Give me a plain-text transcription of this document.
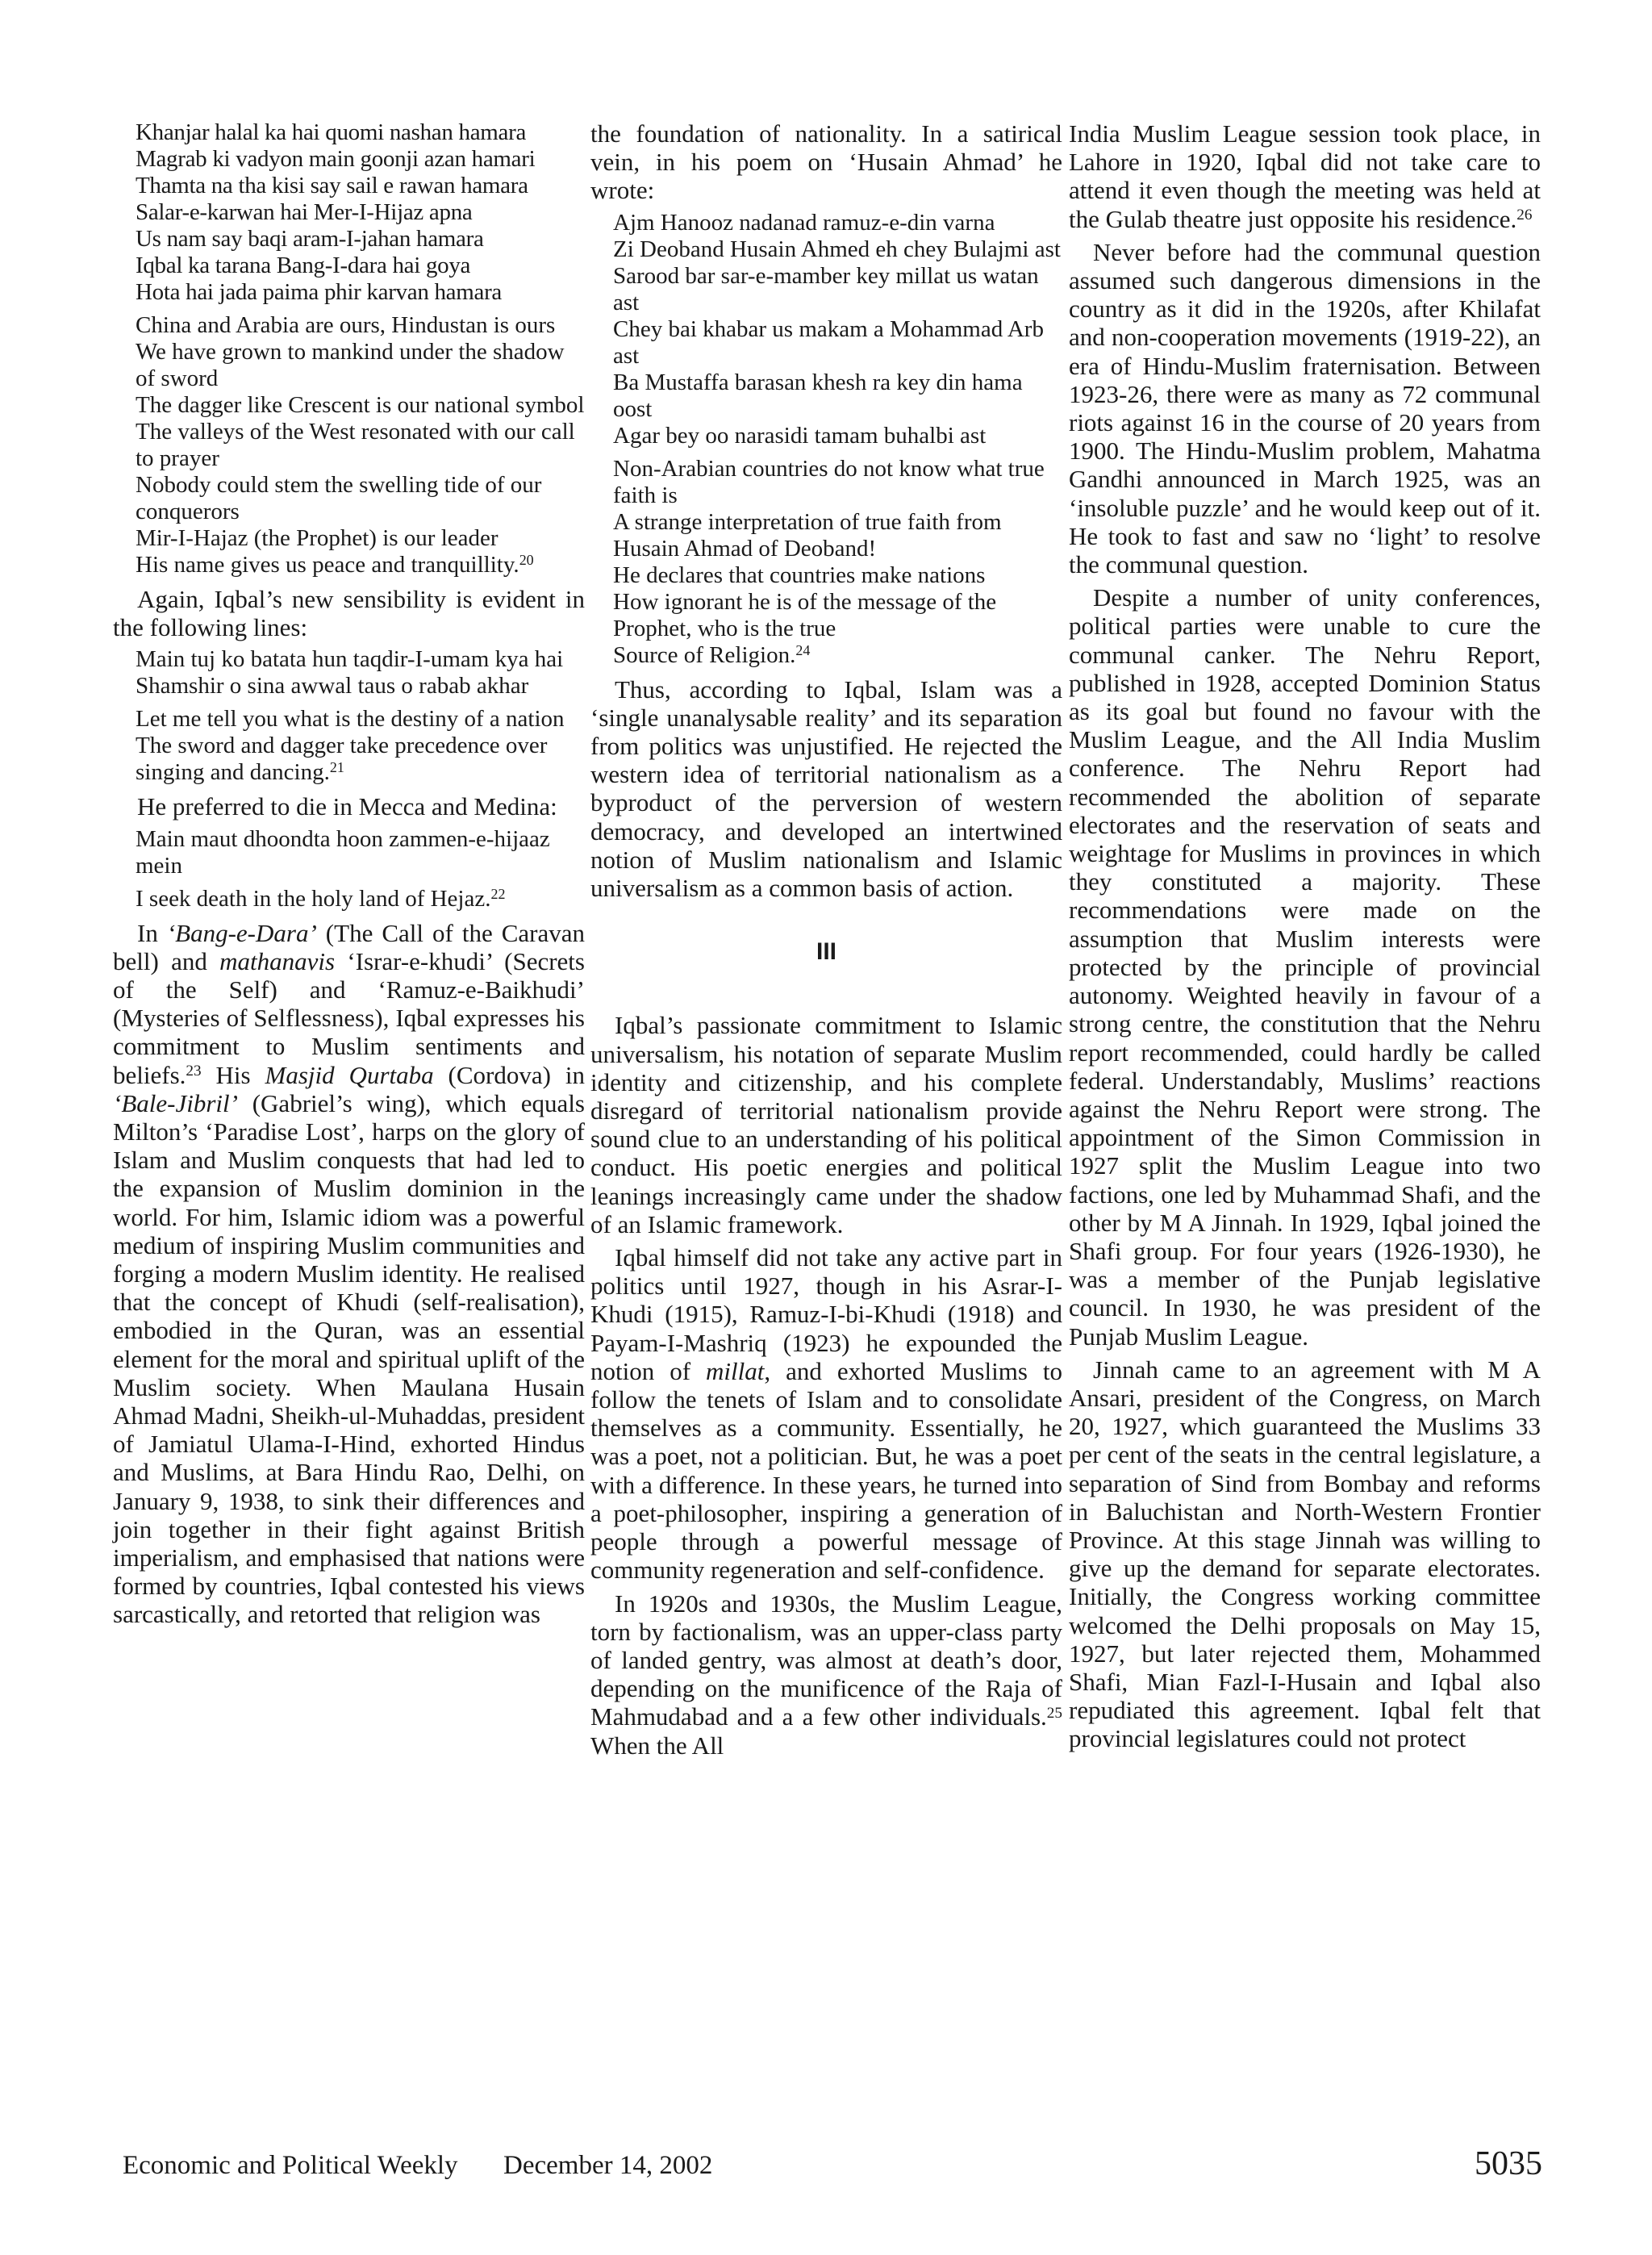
Khanjar halal ka hai quomi nashan hamara
Magrab ki vadyon main goonji azan hamari
Thamta na tha kisi say sail e rawan hamara
Salar-e-karwan hai Mer-I-Hijaz apna
Us nam say baqi aram-I-jahan hamara
Iqbal ka tarana Bang-I-dara hai goya
Hota hai jada paima phir karvan hamara
China and Arabia are ours, Hindustan is ours
We have grown to mankind under the shadow of sword
The dagger like Crescent is our national symbol
The valleys of the West resonated with our call to prayer
Nobody could stem the swelling tide of our conquerors
Mir-I-Hajaz (the Prophet) is our leader
His name gives us peace and tranquillity.$^{20}$

Again, Iqbal’s new sensibility is evident in the following lines:

Main tuj ko batata hun taqdir-I-umam kya hai
Shamshir o sina awwal taus o rabab akhar
Let me tell you what is the destiny of a nation
The sword and dagger take precedence over singing and dancing.$^{21}$

He preferred to die in Mecca and Medina:

Main maut dhoondta hoon zammen-e-hijaaz mein
I seek death in the holy land of Hejaz.$^{22}$

In ‘Bang-e-Dara’ (The Call of the Caravan bell) and mathanavis ‘Israr-e-khudi’ (Secrets of the Self) and ‘Ramuz-e-Baikhudi’ (Mysteries of Selflessness), Iqbal expresses his commitment to Muslim sentiments and beliefs.$^{23}$ His Masjid Qurtaba (Cordova) in ‘Bale-Jibril’ (Gabriel’s wing), which equals Milton’s ‘Paradise Lost’, harps on the glory of Islam and Muslim conquests that had led to the expansion of Muslim dominion in the world. For him, Islamic idiom was a powerful medium of inspiring Muslim communities and forging a modern Muslim identity. He realised that the concept of Khudi (self-realisation), embodied in the Quran, was an essential element for the moral and spiritual uplift of the Muslim society. When Maulana Husain Ahmad Madni, Sheikh-ul-Muhaddas, president of Jamiatul Ulama-I-Hind, exhorted Hindus and Muslims, at Bara Hindu Rao, Delhi, on January 9, 1938, to sink their differences and join together in their fight against British imperialism, and emphasised that nations were formed by countries, Iqbal contested his views sarcastically, and retorted that religion was

the foundation of nationality. In a satirical vein, in his poem on ‘Husain Ahmad’ he wrote:

Ajm Hanooz nadanad ramuz-e-din varna
Zi Deoband Husain Ahmed eh chey Bulajmi ast
Sarood bar sar-e-mamber key millat us watan ast
Chey bai khabar us makam a Mohammad Arb ast
Ba Mustaffa barasan khesh ra key din hama oost
Agar bey oo narasidi tamam buhalbi ast
Non-Arabian countries do not know what true faith is
A strange interpretation of true faith from Husain Ahmad of Deoband!
He declares that countries make nations
How ignorant he is of the message of the Prophet, who is the true
Source of Religion.$^{24}$

Thus, according to Iqbal, Islam was a ‘single unanalysable reality’ and its separation from politics was unjustified. He rejected the western idea of territorial nationalism as a byproduct of the perversion of western democracy, and developed an intertwined notion of Muslim nationalism and Islamic universalism as a common basis of action.

III

Iqbal’s passionate commitment to Islamic universalism, his notation of separate Muslim identity and citizenship, and his complete disregard of territorial nationalism provide sound clue to an understanding of his political conduct. His poetic energies and political leanings increasingly came under the shadow of an Islamic framework.

Iqbal himself did not take any active part in politics until 1927, though in his Asrar-I-Khudi (1915), Ramuz-I-bi-Khudi (1918) and Payam-I-Mashriq (1923) he expounded the notion of millat, and exhorted Muslims to follow the tenets of Islam and to consolidate themselves as a community. Essentially, he was a poet, not a politician. But, he was a poet with a difference. In these years, he turned into a poet-philosopher, inspiring a generation of people through a powerful message of community regeneration and self-confidence.

In 1920s and 1930s, the Muslim League, torn by factionalism, was an upper-class party of landed gentry, was almost at death’s door, depending on the munificence of the Raja of Mahmudabad and a a few other individuals.$^{25}$ When the All

India Muslim League session took place, in Lahore in 1920, Iqbal did not take care to attend it even though the meeting was held at the Gulab theatre just opposite his residence.$^{26}$

Never before had the communal question assumed such dangerous dimensions in the country as it did in the 1920s, after Khilafat and non-cooperation movements (1919-22), an era of Hindu-Muslim fraternisation. Between 1923-26, there were as many as 72 communal riots against 16 in the course of 20 years from 1900. The Hindu-Muslim problem, Mahatma Gandhi announced in March 1925, was an ‘insoluble puzzle’ and he would keep out of it. He took to fast and saw no ‘light’ to resolve the communal question.

Despite a number of unity conferences, political parties were unable to cure the communal canker. The Nehru Report, published in 1928, accepted Dominion Status as its goal but found no favour with the Muslim League, and the All India Muslim conference. The Nehru Report had recommended the abolition of separate electorates and the reservation of seats and weightage for Muslims in provinces in which they constituted a majority. These recommendations were made on the assumption that Muslim interests were protected by the principle of provincial autonomy. Weighted heavily in favour of a strong centre, the constitution that the Nehru report recommended, could hardly be called federal. Understandably, Muslims’ reactions against the Nehru Report were strong. The appointment of the Simon Commission in 1927 split the Muslim League into two factions, one led by Muhammad Shafi, and the other by M A Jinnah. In 1929, Iqbal joined the Shafi group. For four years (1926-1930), he was a member of the Punjab legislative council. In 1930, he was president of the Punjab Muslim League.

Jinnah came to an agreement with M A Ansari, president of the Congress, on March 20, 1927, which guaranteed the Muslims 33 per cent of the seats in the central legislature, a separation of Sind from Bombay and reforms in Baluchistan and North-Western Frontier Province. At this stage Jinnah was willing to give up the demand for separate electorates. Initially, the Congress working committee welcomed the Delhi proposals on May 15, 1927, but later rejected them, Mohammed Shafi, Mian Fazl-I-Husain and Iqbal also repudiated this agreement. Iqbal felt that provincial legislatures could not protect

Economic and Political Weekly December 14, 2002	5035
